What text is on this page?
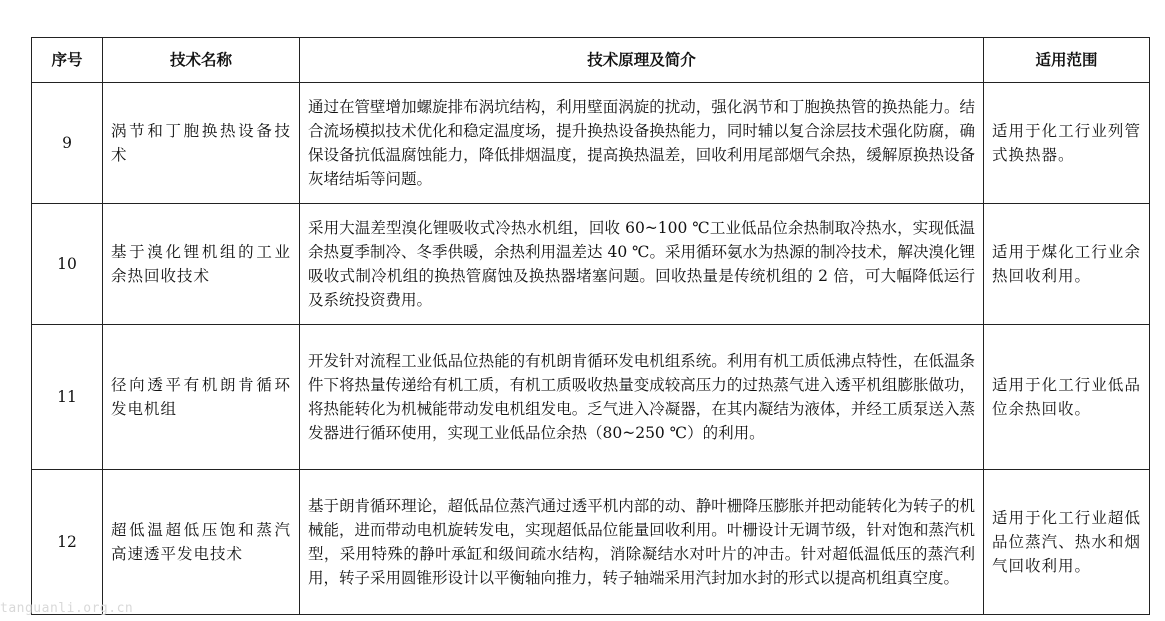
序号	技术名称	技术原理及简介	适用范围
9	涡节和丁胞换热设备技术	通过在管壁增加螺旋排布涡坑结构，利用壁面涡旋的扰动，强化涡节和丁胞换热管的换热能力。结合流场模拟技术优化和稳定温度场，提升换热设备换热能力，同时辅以复合涂层技术强化防腐，确保设备抗低温腐蚀能力，降低排烟温度，提高换热温差，回收利用尾部烟气余热，缓解原换热设备灰堵结垢等问题。	适用于化工行业列管式换热器。
10	基于溴化锂机组的工业余热回收技术	采用大温差型溴化锂吸收式冷热水机组，回收 60~100 ℃工业低品位余热制取冷热水，实现低温余热夏季制冷、冬季供暖，余热利用温差达 40 ℃。采用循环氨水为热源的制冷技术，解决溴化锂吸收式制冷机组的换热管腐蚀及换热器堵塞问题。回收热量是传统机组的 2 倍，可大幅降低运行及系统投资费用。	适用于煤化工行业余热回收利用。
11	径向透平有机朗肯循环发电机组	开发针对流程工业低品位热能的有机朗肯循环发电机组系统。利用有机工质低沸点特性，在低温条件下将热量传递给有机工质，有机工质吸收热量变成较高压力的过热蒸气进入透平机组膨胀做功，将热能转化为机械能带动发电机组发电。乏气进入冷凝器，在其内凝结为液体，并经工质泵送入蒸发器进行循环使用，实现工业低品位余热（80~250 ℃）的利用。	适用于化工行业低品位余热回收。
12	超低温超低压饱和蒸汽高速透平发电技术	基于朗肯循环理论，超低品位蒸汽通过透平机内部的动、静叶栅降压膨胀并把动能转化为转子的机械能，进而带动电机旋转发电，实现超低品位能量回收利用。叶栅设计无调节级，针对饱和蒸汽机型，采用特殊的静叶承缸和级间疏水结构，消除凝结水对叶片的冲击。针对超低温低压的蒸汽利用，转子采用圆锥形设计以平衡轴向推力，转子轴端采用汽封加水封的形式以提高机组真空度。	适用于化工行业超低品位蒸汽、热水和烟气回收利用。
tanguanli.org.cn
